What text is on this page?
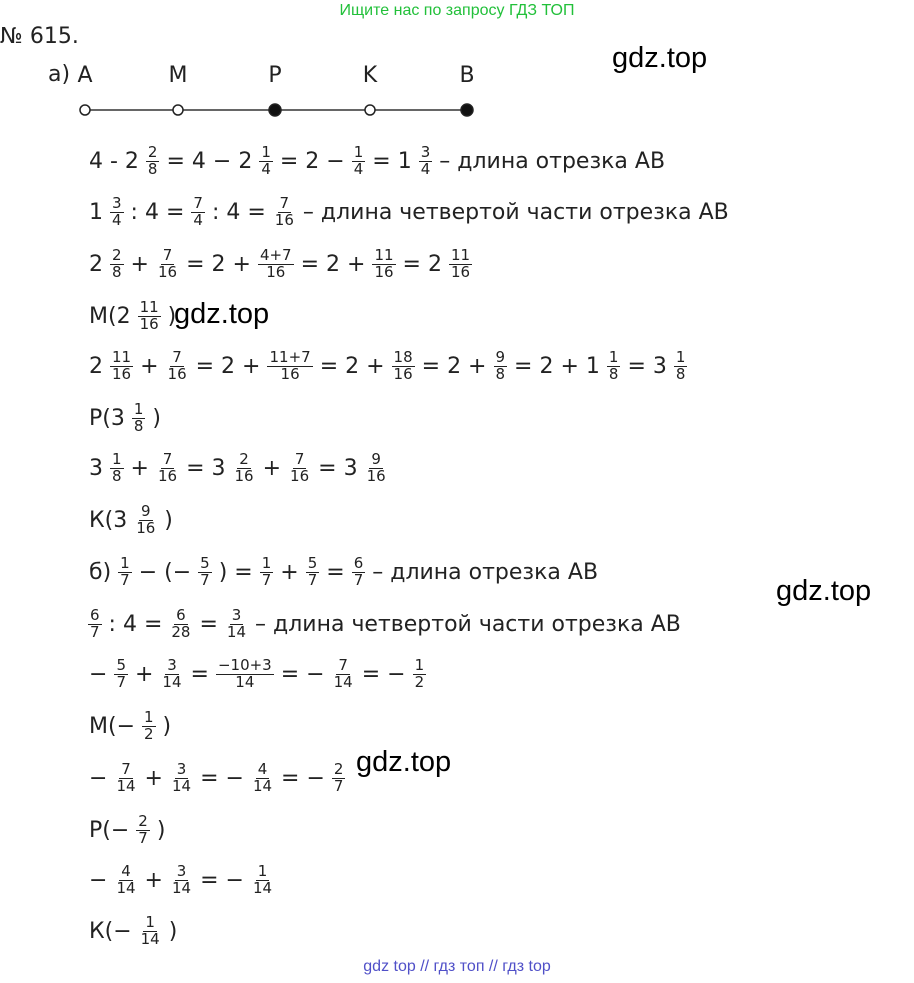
Ищите нас по запросу ГДЗ ТОП
№ 615.
gdz.top
gdz.top
gdz.top
gdz.top
а) A	M	P	K	B
$4 - 2 \frac{2}{8} = 4 - 2 \frac{1}{4} = 2 - \frac{1}{4} = 1 \frac{3}{4}$ – длина отрезка АВ
$1 \frac{3}{4}$ : $4 = \frac{7}{4}$ : $4 = \frac{7}{16}$ – длина четвертой части отрезка АВ
$2 \frac{2}{8} + \frac{7}{16} = 2 + \frac{4+7}{16} = 2 + \frac{11}{16} = 2 \frac{11}{16}$
$М(2 \frac{11}{16}$ )
$2 \frac{11}{16} + \frac{7}{16} = 2 + \frac{11+7}{16} = 2 + \frac{18}{16} = 2 + \frac{9}{8} = 2 + 1 \frac{1}{8} = 3 \frac{1}{8}$
$Р(3 \frac{1}{8}$ )
$3 \frac{1}{8} + \frac{7}{16} = 3 \frac{2}{16} + \frac{7}{16} = 3 \frac{9}{16}$
$К(3 \frac{9}{16}$ )
$б) \frac{1}{7}$ − (− $\frac{5}{7}$ ) = $\frac{1}{7} + \frac{5}{7} = \frac{6}{7}$ – длина отрезка АВ
$\frac{6}{7}$ : $4 = \frac{6}{28} = \frac{3}{14}$ – длина четвертой части отрезка АВ
− $\frac{5}{7} + \frac{3}{14} = \frac{-10+3}{14}$ = − $\frac{7}{14}$ = − $\frac{1}{2}$
$М(- \frac{1}{2}$ )
− $\frac{7}{14} + \frac{3}{14}$ = − $\frac{4}{14}$ = − $\frac{2}{7}$
$Р(- \frac{2}{7}$ )
− $\frac{4}{14} + \frac{3}{14}$ = − $\frac{1}{14}$
$К(- \frac{1}{14}$ )
gdz top // гдз топ // гдз top
